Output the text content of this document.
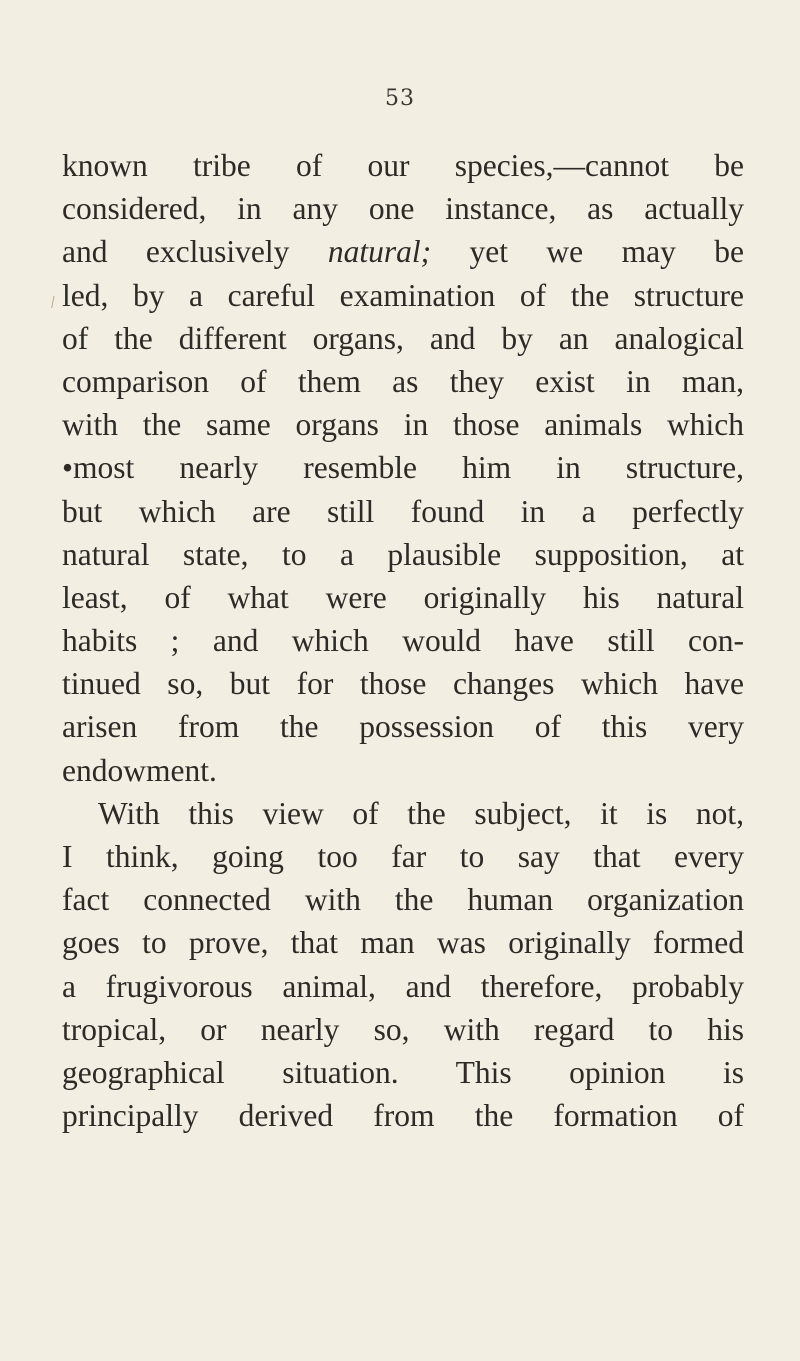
53
⁄
known tribe of our species,—cannot be
considered, in any one instance, as actually
and exclusively natural; yet we may be
led, by a careful examination of the structure
of the different organs, and by an analogical
comparison of them as they exist in man,
with the same organs in those animals which
•most nearly resemble him in structure,
but which are still found in a perfectly
natural state, to a plausible supposition, at
least, of what were originally his natural
habits ; and which would have still con-
tinued so, but for those changes which have
arisen from the possession of this very
endowment.
With this view of the subject, it is not,
I think, going too far to say that every
fact connected with the human organization
goes to prove, that man was originally formed
a frugivorous animal, and therefore, probably
tropical, or nearly so, with regard to his
geographical situation. This opinion is
principally derived from the formation of
